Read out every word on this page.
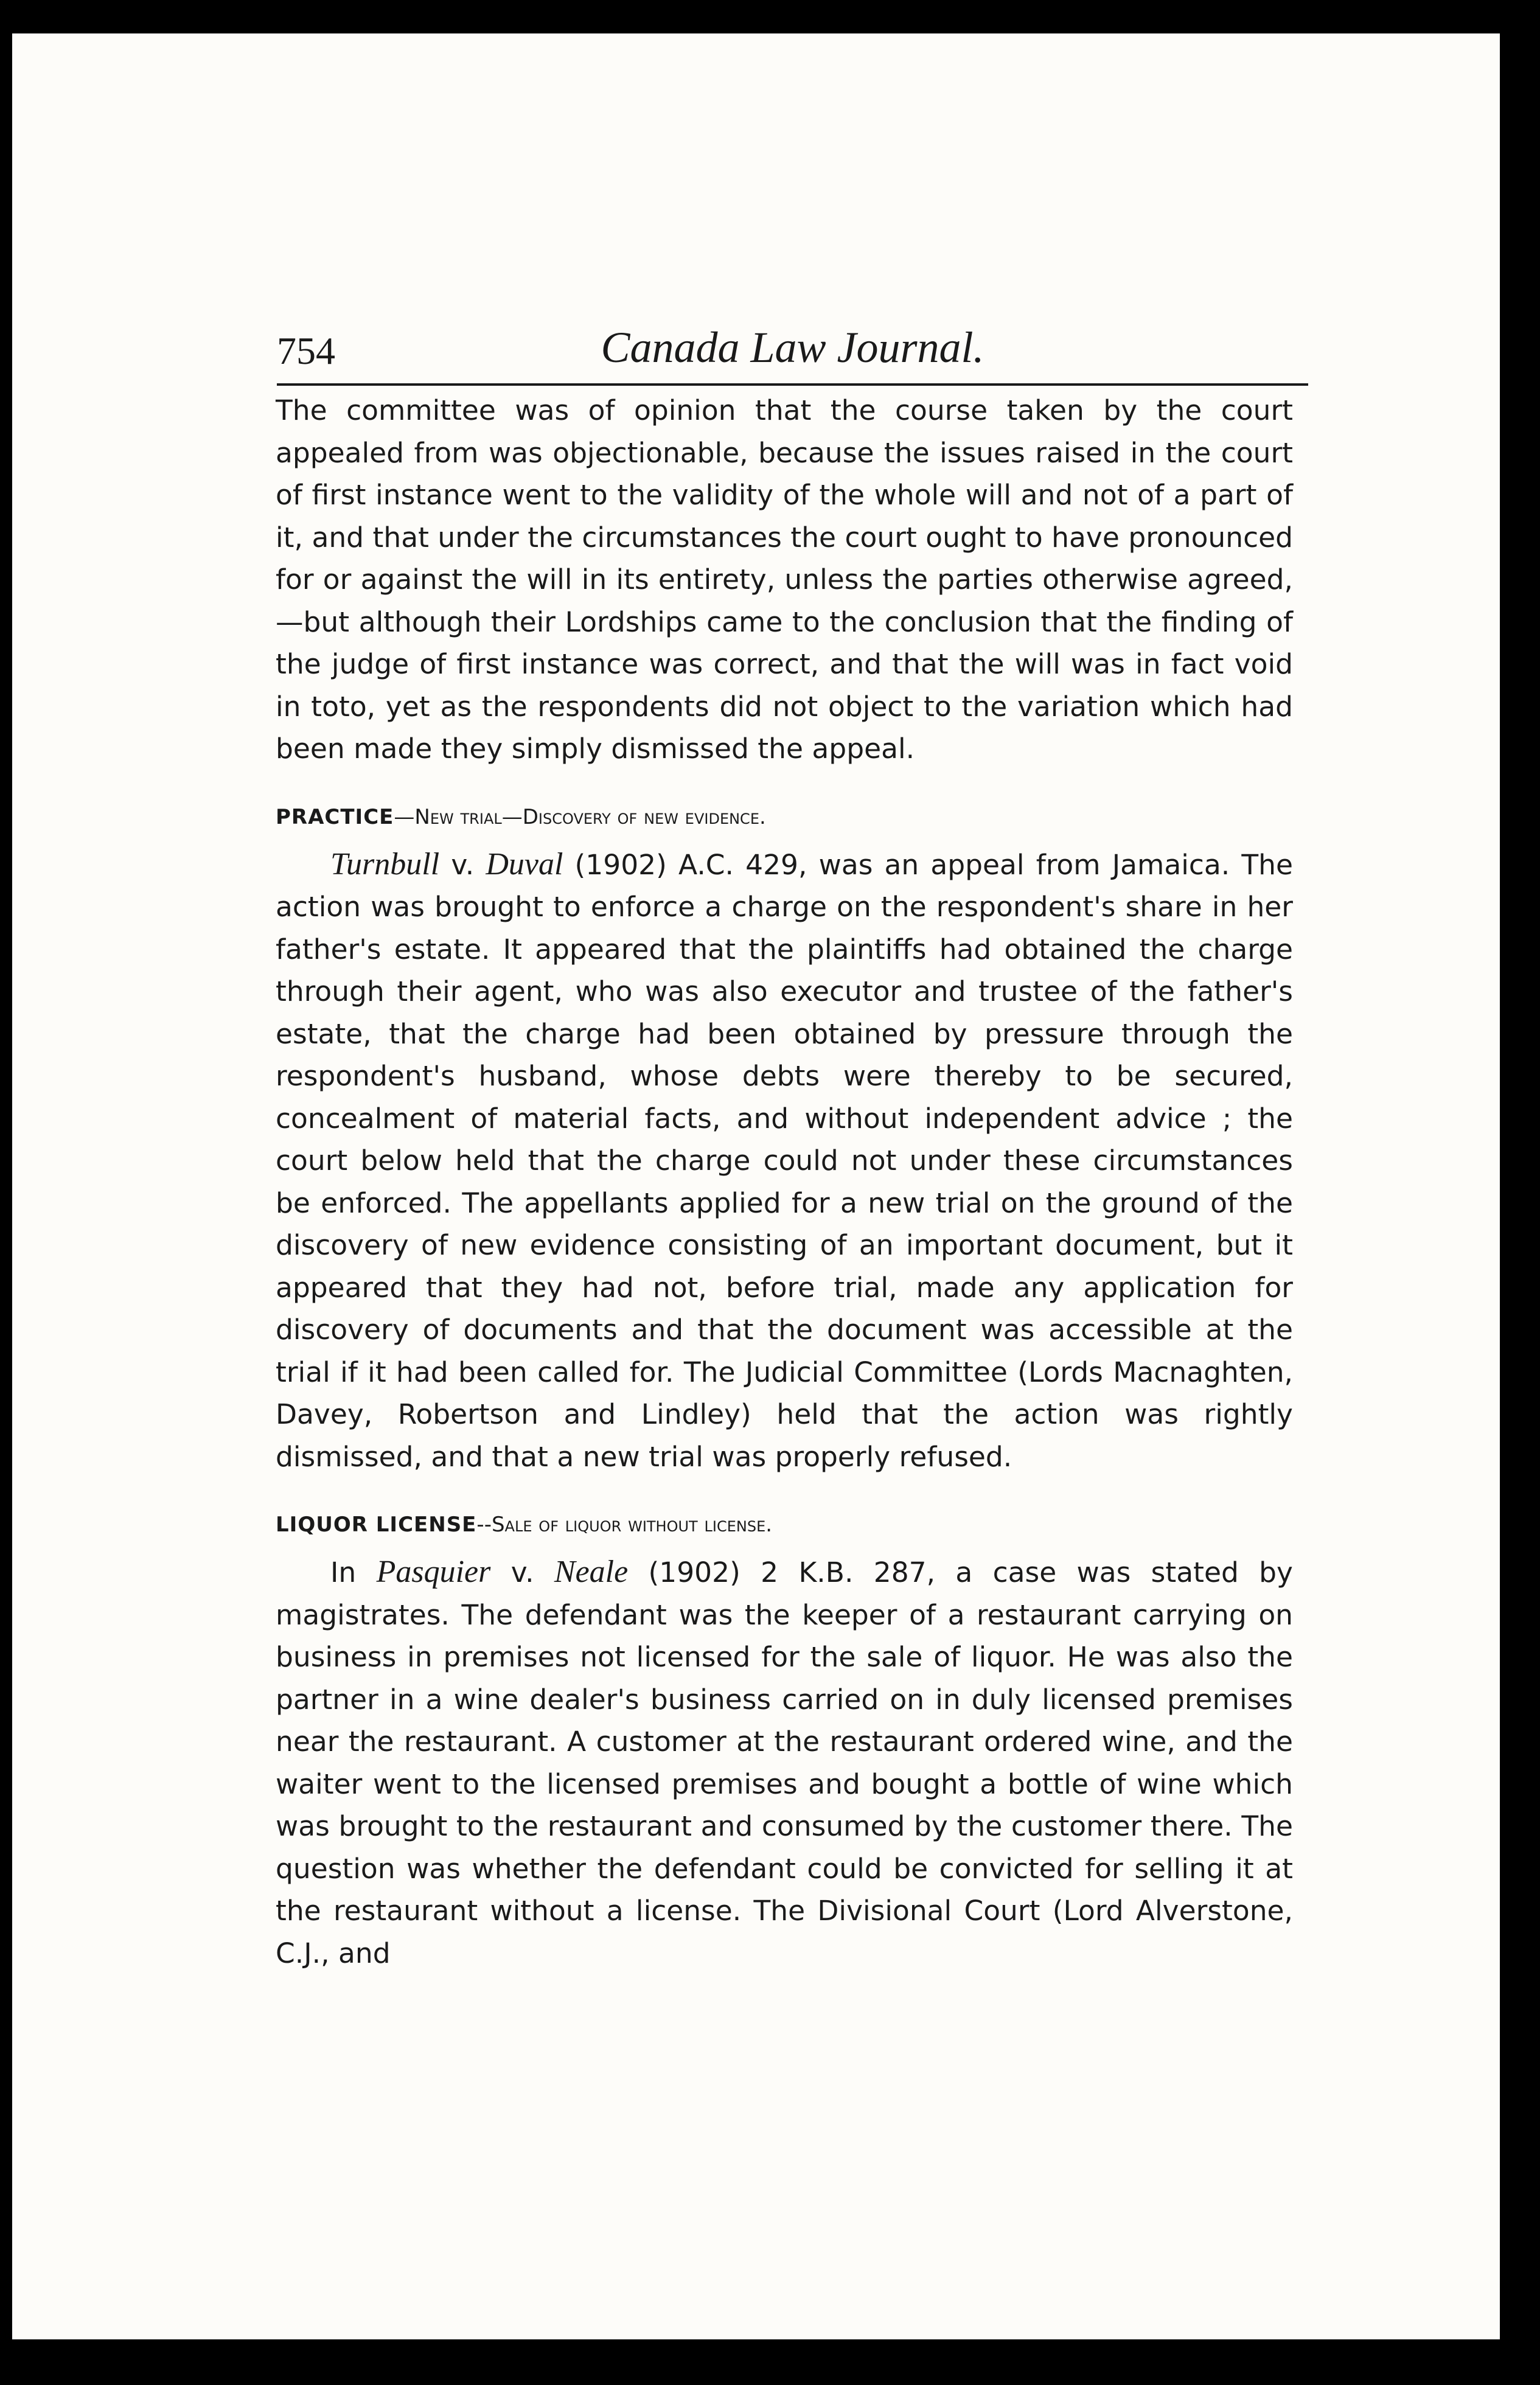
754	Canada Law Journal.

The committee was of opinion that the course taken by the court appealed from was objectionable, because the issues raised in the court of first instance went to the validity of the whole will and not of a part of it, and that under the circumstances the court ought to have pronounced for or against the will in its entirety, unless the parties otherwise agreed,—but although their Lordships came to the conclusion that the finding of the judge of first instance was correct, and that the will was in fact void in toto, yet as the respondents did not object to the variation which had been made they simply dismissed the appeal.

PRACTICE—New trial—Discovery of new evidence.

Turnbull v. Duval (1902) A.C. 429, was an appeal from Jamaica. The action was brought to enforce a charge on the respondent's share in her father's estate. It appeared that the plaintiffs had obtained the charge through their agent, who was also executor and trustee of the father's estate, that the charge had been obtained by pressure through the respondent's husband, whose debts were thereby to be secured, concealment of material facts, and without independent advice ; the court below held that the charge could not under these circumstances be enforced. The appellants applied for a new trial on the ground of the discovery of new evidence consisting of an important document, but it appeared that they had not, before trial, made any application for discovery of documents and that the document was accessible at the trial if it had been called for. The Judicial Committee (Lords Macnaghten, Davey, Robertson and Lindley) held that the action was rightly dismissed, and that a new trial was properly refused.

LIQUOR LICENSE--Sale of liquor without license.

In Pasquier v. Neale (1902) 2 K.B. 287, a case was stated by magistrates. The defendant was the keeper of a restaurant carrying on business in premises not licensed for the sale of liquor. He was also the partner in a wine dealer's business carried on in duly licensed premises near the restaurant. A customer at the restaurant ordered wine, and the waiter went to the licensed premises and bought a bottle of wine which was brought to the restaurant and consumed by the customer there. The question was whether the defendant could be convicted for selling it at the restaurant without a license. The Divisional Court (Lord Alverstone, C.J., and
